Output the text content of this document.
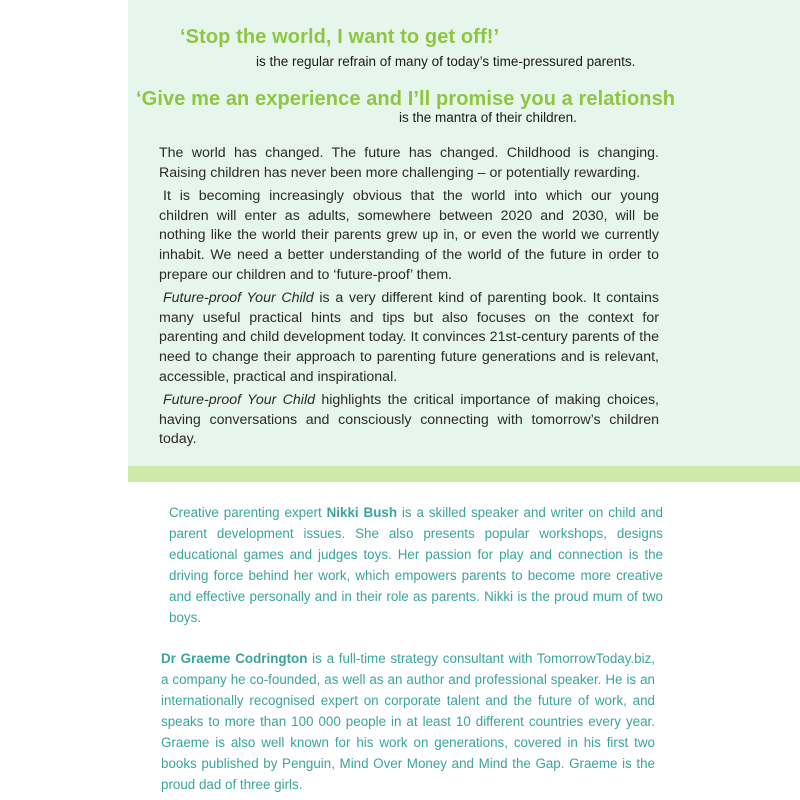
‘Stop the world, I want to get off!’
is the regular refrain of many of today’s time-pressured parents.
‘Give me an experience and I’ll promise you a relationsh
is the mantra of their children.

The world has changed. The future has changed. Childhood is changing. Raising children has never been more challenging – or potentially rewarding.

It is becoming increasingly obvious that the world into which our young children will enter as adults, somewhere between 2020 and 2030, will be nothing like the world their parents grew up in, or even the world we currently inhabit. We need a better understanding of the world of the future in order to prepare our children and to ‘future-proof’ them.

Future-proof Your Child is a very different kind of parenting book. It contains many useful practical hints and tips but also focuses on the context for parenting and child development today. It convinces 21st-century parents of the need to change their approach to parenting future generations and is relevant, accessible, practical and inspirational.

Future-proof Your Child highlights the critical importance of making choices, having conversations and consciously connecting with tomorrow’s children today.

Creative parenting expert Nikki Bush is a skilled speaker and writer on child and parent development issues. She also presents popular workshops, designs educational games and judges toys. Her passion for play and connection is the driving force behind her work, which empowers parents to become more creative and effective personally and in their role as parents. Nikki is the proud mum of two boys.
Dr Graeme Codrington is a full-time strategy consultant with TomorrowToday.biz, a company he co-founded, as well as an author and professional speaker. He is an internationally recognised expert on corporate talent and the future of work, and speaks to more than 100 000 people in at least 10 different countries every year. Graeme is also well known for his work on generations, covered in his first two books published by Penguin, Mind Over Money and Mind the Gap. Graeme is the proud dad of three girls.
